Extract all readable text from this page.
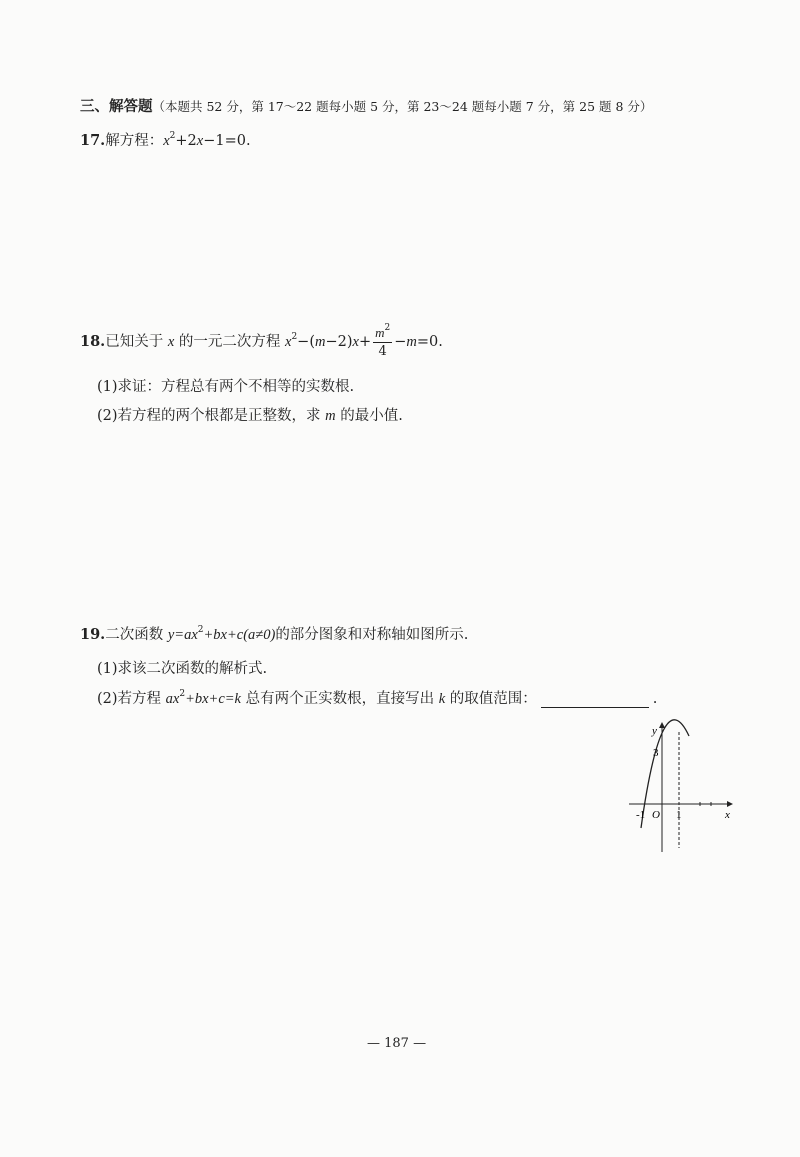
三、解答题（本题共 52 分，第 17～22 题每小题 5 分，第 23～24 题每小题 7 分，第 25 题 8 分）
17.解方程：$x^2+2x-1=0$.
18.已知关于 x 的一元二次方程 $x^2-(m-2)x+ \frac{m^2}{4} -m=0$.
(1)求证：方程总有两个不相等的实数根.
(2)若方程的两个根都是正整数，求 m 的最小值.
19.二次函数 $y=ax^2+bx+c(a\ne 0)$的部分图象和对称轴如图所示.
(1)求该二次函数的解析式.
(2)若方程 $ax^2+bx+c=k$ 总有两个正实数根，直接写出 k 的取值范围：	.
y
x
3
-1 O 1
— 187 —
